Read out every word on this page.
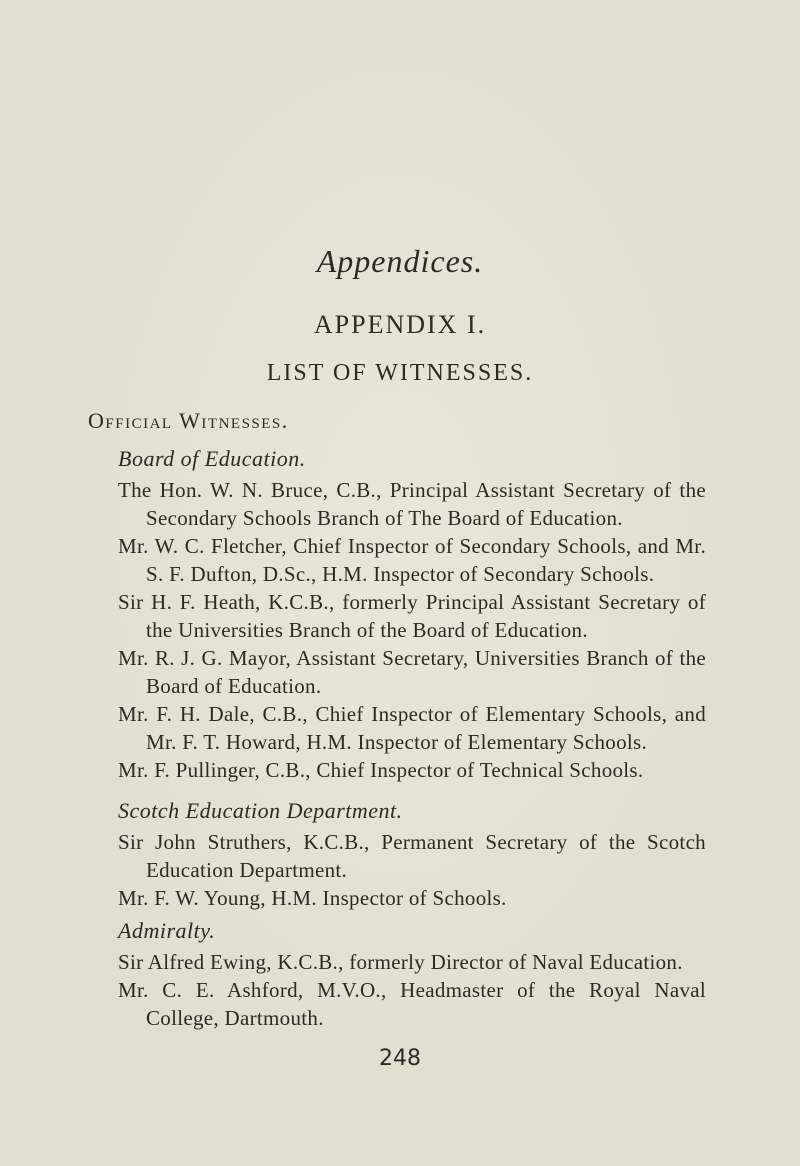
Appendices.
APPENDIX I.
LIST OF WITNESSES.
Official Witnesses.
Board of Education.
The Hon. W. N. Bruce, C.B., Principal Assistant Secretary of the Secondary Schools Branch of The Board of Education.
Mr. W. C. Fletcher, Chief Inspector of Secondary Schools, and Mr. S. F. Dufton, D.Sc., H.M. Inspector of Secondary Schools.
Sir H. F. Heath, K.C.B., formerly Principal Assistant Secretary of the Universities Branch of the Board of Education.
Mr. R. J. G. Mayor, Assistant Secretary, Universities Branch of the Board of Education.
Mr. F. H. Dale, C.B., Chief Inspector of Elementary Schools, and Mr. F. T. Howard, H.M. Inspector of Elementary Schools.
Mr. F. Pullinger, C.B., Chief Inspector of Technical Schools.
Scotch Education Department.
Sir John Struthers, K.C.B., Permanent Secretary of the Scotch Education Department.
Mr. F. W. Young, H.M. Inspector of Schools.
Admiralty.
Sir Alfred Ewing, K.C.B., formerly Director of Naval Education.
Mr. C. E. Ashford, M.V.O., Headmaster of the Royal Naval College, Dartmouth.
248
